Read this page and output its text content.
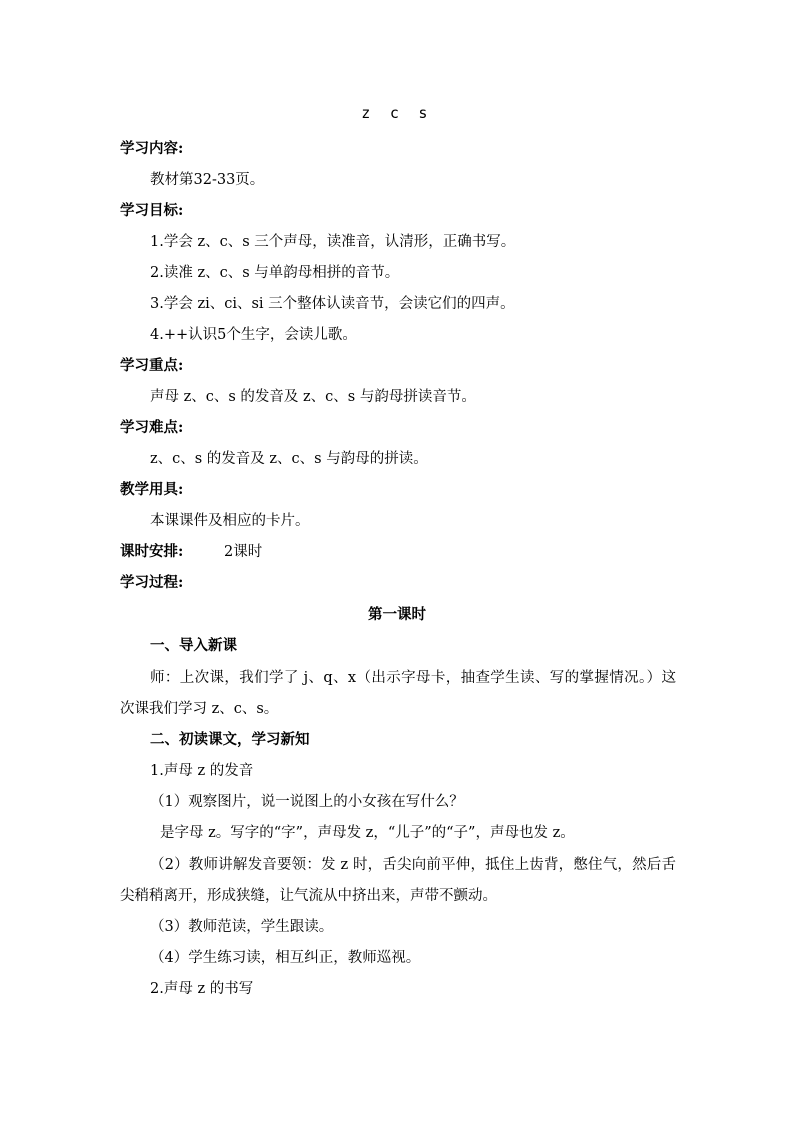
z c s
学习内容:
教材第32-33页。
学习目标:
1.学会 z、c、s 三个声母，读准音，认清形，正确书写。
2.读准 z、c、s 与单韵母相拼的音节。
3.学会 zi、ci、si 三个整体认读音节，会读它们的四声。
4.++认识5个生字，会读儿歌。
学习重点:
声母 z、c、s 的发音及 z、c、s 与韵母拼读音节。
学习难点:
z、c、s 的发音及 z、c、s 与韵母的拼读。
教学用具:
本课课件及相应的卡片。
课时安排:	2课时
学习过程:
第一课时
一、导入新课
师：上次课，我们学了 j、q、x（出示字母卡，抽查学生读、写的掌握情况。）这次课我们学习 z、c、s。
二、初读课文，学习新知
1.声母 z 的发音
（1）观察图片，说一说图上的小女孩在写什么？
是字母 z。写字的“字”，声母发 z，“儿子”的“子”，声母也发 z。
（2）教师讲解发音要领：发 z 时，舌尖向前平伸，抵住上齿背，憋住气，然后舌尖稍稍离开，形成狭缝，让气流从中挤出来，声带不颤动。
（3）教师范读，学生跟读。
（4）学生练习读，相互纠正，教师巡视。
2.声母 z 的书写
